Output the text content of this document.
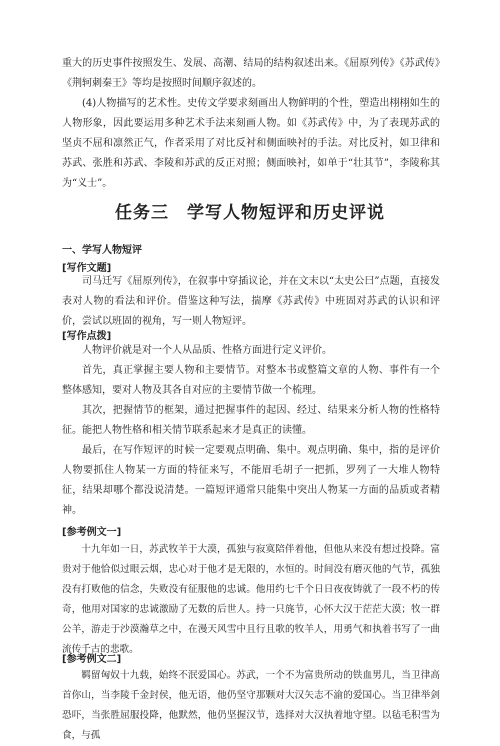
重大的历史事件按照发生、发展、高潮、结局的结构叙述出来。《屈原列传》《苏武传》《荆轲刺秦王》等均是按照时间顺序叙述的。

(4)人物描写的艺术性。史传文学要求刻画出人物鲜明的个性，塑造出栩栩如生的人物形象，因此要运用多种艺术手法来刻画人物。如《苏武传》中，为了表现苏武的坚贞不屈和凛然正气，作者采用了对比反衬和侧面映衬的手法。对比反衬，如卫律和苏武、张胜和苏武、李陵和苏武的反正对照；侧面映衬，如单于“壮其节”，李陵称其为“义士”。

任务三　学写人物短评和历史评说
一、学写人物短评
[写作文题]

司马迁写《屈原列传》，在叙事中穿插议论，并在文末以“太史公曰”点题，直接发表对人物的看法和评价。借鉴这种写法，揣摩《苏武传》中班固对苏武的认识和评价，尝试以班固的视角，写一则人物短评。

[写作点拨]

人物评价就是对一个人从品质、性格方面进行定义评价。

首先，真正掌握主要人物和主要情节。对整本书或整篇文章的人物、事件有一个整体感知，要对人物及其各自对应的主要情节做一个梳理。

其次，把握情节的框架，通过把握事件的起因、经过、结果来分析人物的性格特征。能把人物性格和相关情节联系起来才是真正的读懂。

最后，在写作短评的时候一定要观点明确、集中。观点明确、集中，指的是评价人物要抓住人物某一方面的特征来写，不能眉毛胡子一把抓，罗列了一大堆人物特征，结果却哪个都没说清楚。一篇短评通常只能集中突出人物某一方面的品质或者精神。

[参考例文一]

十九年如一日，苏武牧羊于大漠，孤独与寂寞陪伴着他，但他从来没有想过投降。富贵对于他恰似过眼云烟，忠心对于他才是无限的，水恒的。时间没有磨灭他的气节，孤独没有打败他的信念，失败没有征服他的忠诚。他用约七千个日日夜夜铸就了一段不朽的传奇，他用对国家的忠诚激励了无数的后世人。持一只旄节，心怀大汉于茫茫大漠；牧一群公羊，游走于沙漠瀚草之中，在漫天风雪中且行且歌的牧羊人，用勇气和执着书写了一曲流传千古的悲歌。

[参考例文二]

羁留匈奴十九载，始终不泯爱国心。苏武，一个不为富贵所动的铁血男儿，当卫律高首你山，当李陵千金封侯，他无语，他仍坚守那颗对大汉矢志不渝的爱国心。当卫律举剑恐吓，当张胜屈服投降，他默然，他仍坚握汉节，选择对大汉执着地守望。以毡毛积雪为食，与孤
